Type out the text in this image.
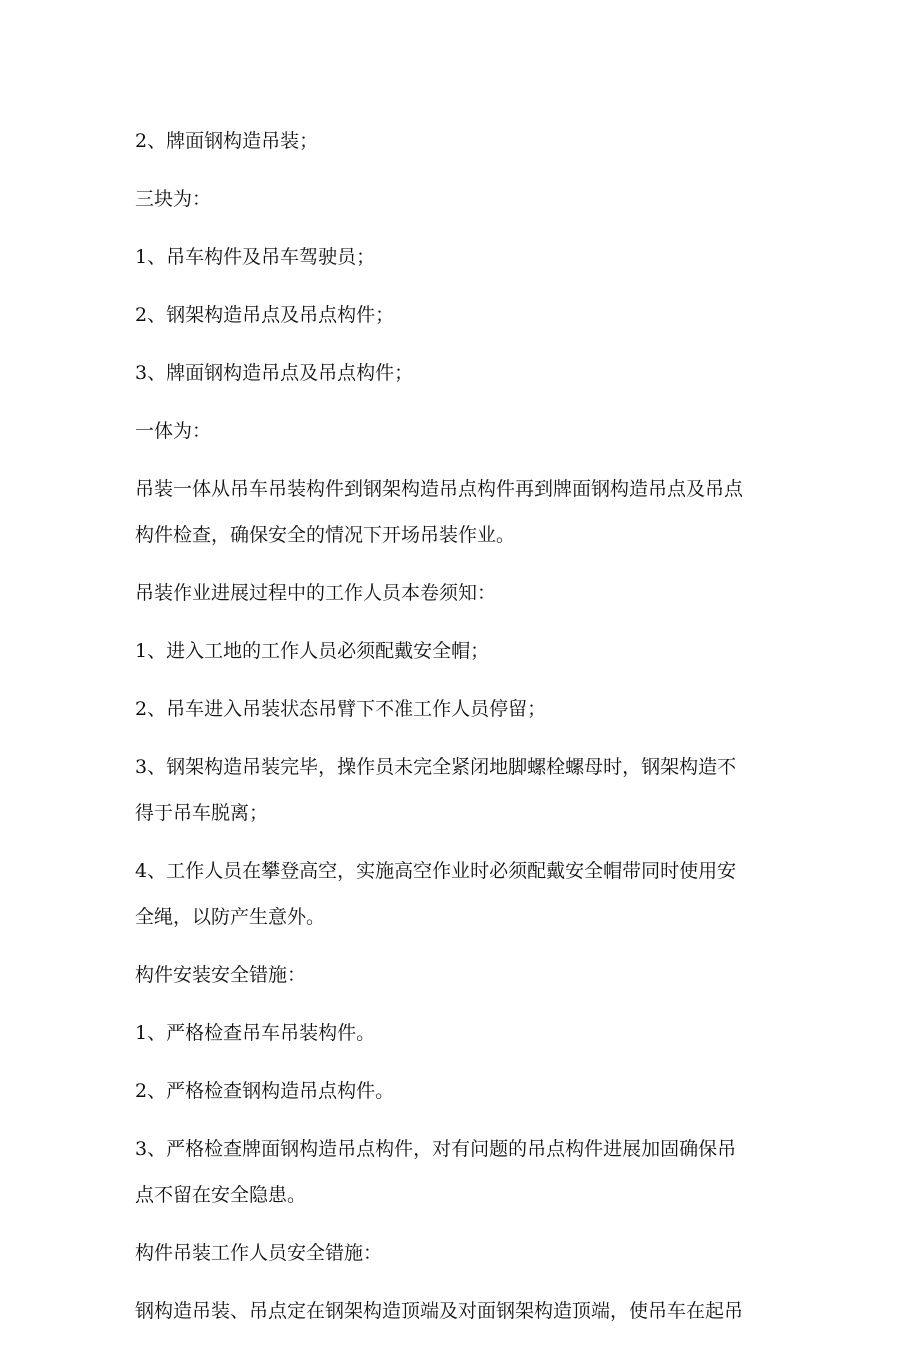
2、牌面钢构造吊装；

三块为：

1、吊车构件及吊车驾驶员；

2、钢架构造吊点及吊点构件；

3、牌面钢构造吊点及吊点构件；

一体为：

吊装一体从吊车吊装构件到钢架构造吊点构件再到牌面钢构造吊点及吊点
构件检查，确保安全的情况下开场吊装作业。

吊装作业进展过程中的工作人员本卷须知：

1、进入工地的工作人员必须配戴安全帽；

2、吊车进入吊装状态吊臂下不准工作人员停留；

3、钢架构造吊装完毕，操作员未完全紧闭地脚螺栓螺母时，钢架构造不
得于吊车脱离；

4、工作人员在攀登高空，实施高空作业时必须配戴安全帽带同时使用安
全绳，以防产生意外。

构件安装安全错施：

1、严格检查吊车吊装构件。

2、严格检查钢构造吊点构件。

3、严格检查牌面钢构造吊点构件，对有问题的吊点构件进展加固确保吊
点不留在安全隐患。

构件吊装工作人员安全错施：

钢构造吊装、吊点定在钢架构造顶端及对面钢架构造顶端，使吊车在起吊
